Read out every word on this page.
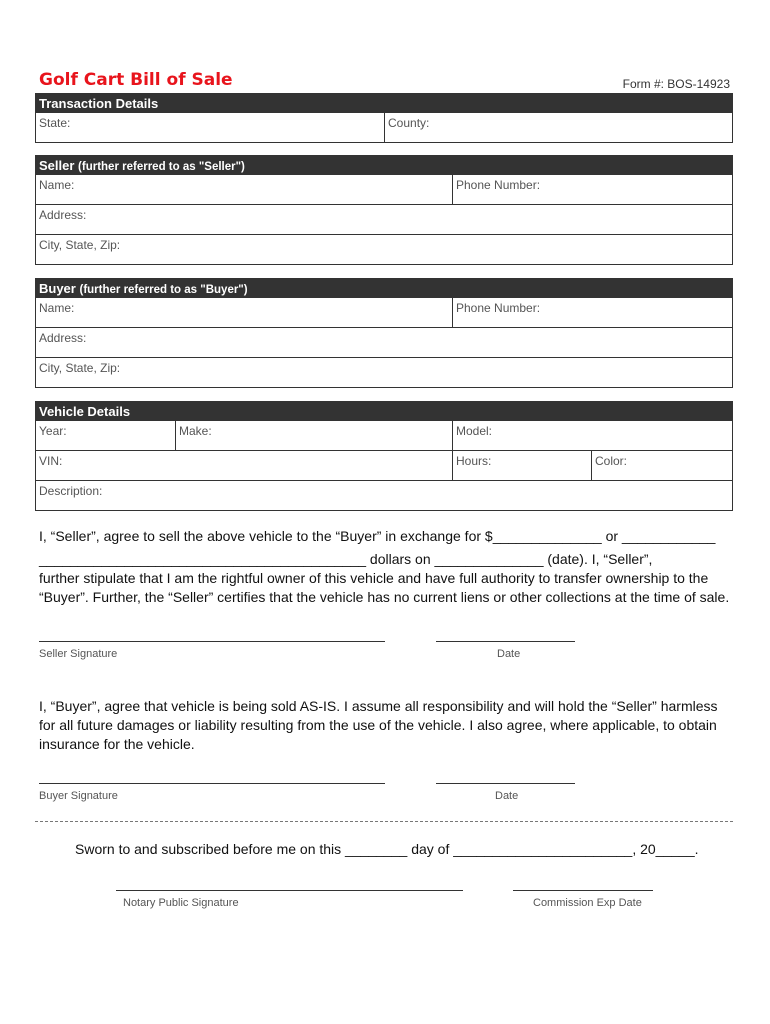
Golf Cart Bill of Sale	Form #: BOS-14923
Transaction Details
State:	County:
Seller (further referred to as "Seller")
Name:	Phone Number:
Address:
City, State, Zip:
Buyer (further referred to as "Buyer")
Name:	Phone Number:
Address:
City, State, Zip:
Vehicle Details
Year:	Make:	Model:
VIN:	Hours:	Color:
Description:
I, “Seller”, agree to sell the above vehicle to the “Buyer” in exchange for $______________ or ____________
__________________________________________ dollars on ______________ (date). I, “Seller”,
further stipulate that I am the rightful owner of this vehicle and have full authority to transfer ownership to the
“Buyer”. Further, the “Seller” certifies that the vehicle has no current liens or other collections at the time of sale.
Seller Signature	Date
I, “Buyer”, agree that vehicle is being sold AS-IS. I assume all responsibility and will hold the “Seller” harmless
for all future damages or liability resulting from the use of the vehicle. I also agree, where applicable, to obtain
insurance for the vehicle.
Buyer Signature	Date
Sworn to and subscribed before me on this ________ day of _______________________, 20_____.
Notary Public Signature	Commission Exp Date
